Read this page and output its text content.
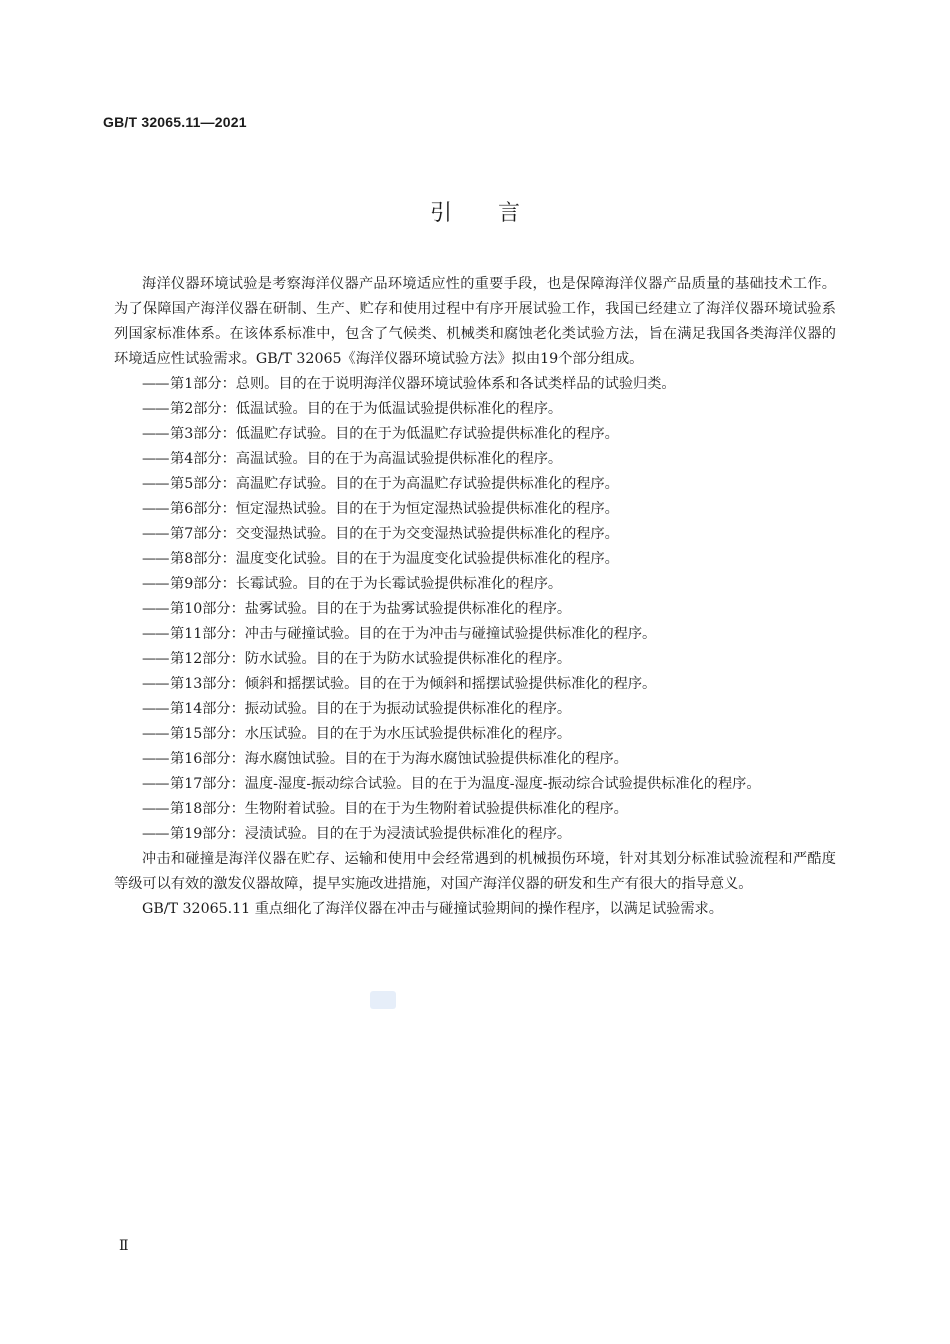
GB/T 32065.11—2021
引言

海洋仪器环境试验是考察海洋仪器产品环境适应性的重要手段，也是保障海洋仪器产品质量的基础技术工作。为了保障国产海洋仪器在研制、生产、贮存和使用过程中有序开展试验工作，我国已经建立了海洋仪器环境试验系列国家标准体系。在该体系标准中，包含了气候类、机械类和腐蚀老化类试验方法，旨在满足我国各类海洋仪器的环境适应性试验需求。GB/T 32065《海洋仪器环境试验方法》拟由19个部分组成。

—— 第1部分：总则。目的在于说明海洋仪器环境试验体系和各试类样品的试验归类。
—— 第2部分：低温试验。目的在于为低温试验提供标准化的程序。
—— 第3部分：低温贮存试验。目的在于为低温贮存试验提供标准化的程序。
—— 第4部分：高温试验。目的在于为高温试验提供标准化的程序。
—— 第5部分：高温贮存试验。目的在于为高温贮存试验提供标准化的程序。
—— 第6部分：恒定湿热试验。目的在于为恒定湿热试验提供标准化的程序。
—— 第7部分：交变湿热试验。目的在于为交变湿热试验提供标准化的程序。
—— 第8部分：温度变化试验。目的在于为温度变化试验提供标准化的程序。
—— 第9部分：长霉试验。目的在于为长霉试验提供标准化的程序。
—— 第10部分：盐雾试验。目的在于为盐雾试验提供标准化的程序。
—— 第11部分：冲击与碰撞试验。目的在于为冲击与碰撞试验提供标准化的程序。
—— 第12部分：防水试验。目的在于为防水试验提供标准化的程序。
—— 第13部分：倾斜和摇摆试验。目的在于为倾斜和摇摆试验提供标准化的程序。
—— 第14部分：振动试验。目的在于为振动试验提供标准化的程序。
—— 第15部分：水压试验。目的在于为水压试验提供标准化的程序。
—— 第16部分：海水腐蚀试验。目的在于为海水腐蚀试验提供标准化的程序。
—— 第17部分：温度-湿度-振动综合试验。目的在于为温度-湿度-振动综合试验提供标准化的程序。
—— 第18部分：生物附着试验。目的在于为生物附着试验提供标准化的程序。
—— 第19部分：浸渍试验。目的在于为浸渍试验提供标准化的程序。

冲击和碰撞是海洋仪器在贮存、运输和使用中会经常遇到的机械损伤环境，针对其划分标准试验流程和严酷度等级可以有效的激发仪器故障，提早实施改进措施，对国产海洋仪器的研发和生产有很大的指导意义。

GB/T 32065.11 重点细化了海洋仪器在冲击与碰撞试验期间的操作程序，以满足试验需求。

Ⅱ
